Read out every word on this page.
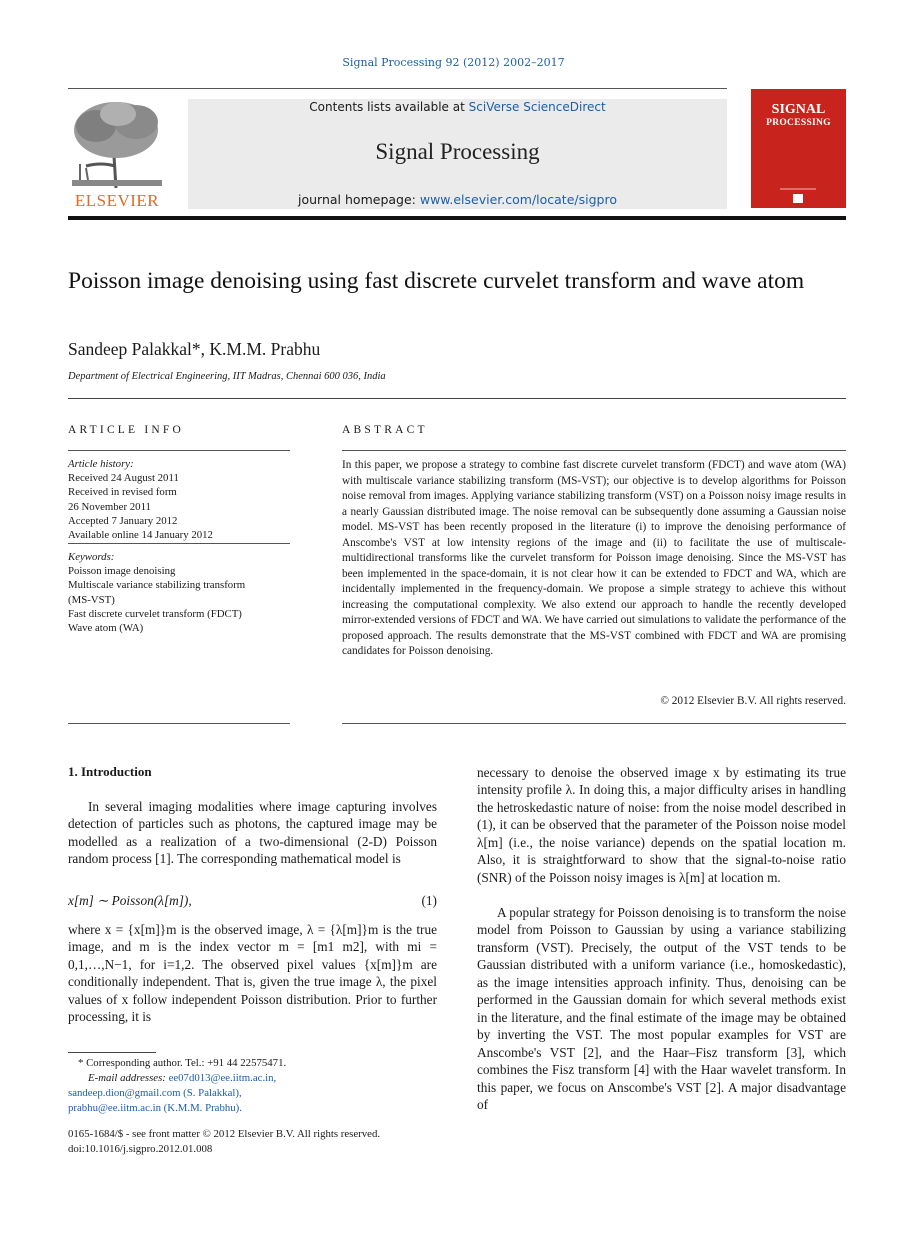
Signal Processing 92 (2012) 2002–2017
ELSEVIER
Contents lists available at SciVerse ScienceDirect
Signal Processing
journal homepage: www.elsevier.com/locate/sigpro
SIGNAL
PROCESSING
Poisson image denoising using fast discrete curvelet transform and wave atom
Sandeep Palakkal*, K.M.M. Prabhu
Department of Electrical Engineering, IIT Madras, Chennai 600 036, India
ARTICLE INFO
Article history:
Received 24 August 2011
Received in revised form
26 November 2011
Accepted 7 January 2012
Available online 14 January 2012
Keywords:
Poisson image denoising
Multiscale variance stabilizing transform
(MS-VST)
Fast discrete curvelet transform (FDCT)
Wave atom (WA)
ABSTRACT
In this paper, we propose a strategy to combine fast discrete curvelet transform (FDCT) and wave atom (WA) with multiscale variance stabilizing transform (MS-VST); our objective is to develop algorithms for Poisson noise removal from images. Applying variance stabilizing transform (VST) on a Poisson noisy image results in a nearly Gaussian distributed image. The noise removal can be subsequently done assuming a Gaussian noise model. MS-VST has been recently proposed in the literature (i) to improve the denoising performance of Anscombe's VST at low intensity regions of the image and (ii) to facilitate the use of multiscale-multidirectional transforms like the curvelet transform for Poisson image denoising. Since the MS-VST has been implemented in the space-domain, it is not clear how it can be extended to FDCT and WA, which are incidentally implemented in the frequency-domain. We propose a simple strategy to achieve this without increasing the computational complexity. We also extend our approach to handle the recently developed mirror-extended versions of FDCT and WA. We have carried out simulations to validate the performance of the proposed approach. The results demonstrate that the MS-VST combined with FDCT and WA are promising candidates for Poisson denoising.
© 2012 Elsevier B.V. All rights reserved.
1. Introduction
In several imaging modalities where image capturing involves detection of particles such as photons, the captured image may be modelled as a realization of a two-dimensional (2-D) Poisson random process [1]. The corresponding mathematical model is
x[m] ∼ Poisson(λ[m]),	(1)
where x = {x[m]}m is the observed image, λ = {λ[m]}m is the true image, and m is the index vector m = [m1 m2], with mi = 0,1,…,N−1, for i=1,2. The observed pixel values {x[m]}m are conditionally independent. That is, given the true image λ, the pixel values of x follow independent Poisson distribution. Prior to further processing, it is
* Corresponding author. Tel.: +91 44 22575471.
E-mail addresses: ee07d013@ee.iitm.ac.in,
sandeep.dion@gmail.com (S. Palakkal),
prabhu@ee.iitm.ac.in (K.M.M. Prabhu).
0165-1684/$ - see front matter © 2012 Elsevier B.V. All rights reserved.
doi:10.1016/j.sigpro.2012.01.008
necessary to denoise the observed image x by estimating its true intensity profile λ. In doing this, a major difficulty arises in handling the hetroskedastic nature of noise: from the noise model described in (1), it can be observed that the parameter of the Poisson noise model λ[m] (i.e., the noise variance) depends on the spatial location m. Also, it is straightforward to show that the signal-to-noise ratio (SNR) of the Poisson noisy images is λ[m] at location m.
A popular strategy for Poisson denoising is to transform the noise model from Poisson to Gaussian by using a variance stabilizing transform (VST). Precisely, the output of the VST tends to be Gaussian distributed with a uniform variance (i.e., homoskedastic), as the image intensities approach infinity. Thus, denoising can be performed in the Gaussian domain for which several methods exist in the literature, and the final estimate of the image may be obtained by inverting the VST. The most popular examples for VST are Anscombe's VST [2], and the Haar–Fisz transform [3], which combines the Fisz transform [4] with the Haar wavelet transform. In this paper, we focus on Anscombe's VST [2]. A major disadvantage of
